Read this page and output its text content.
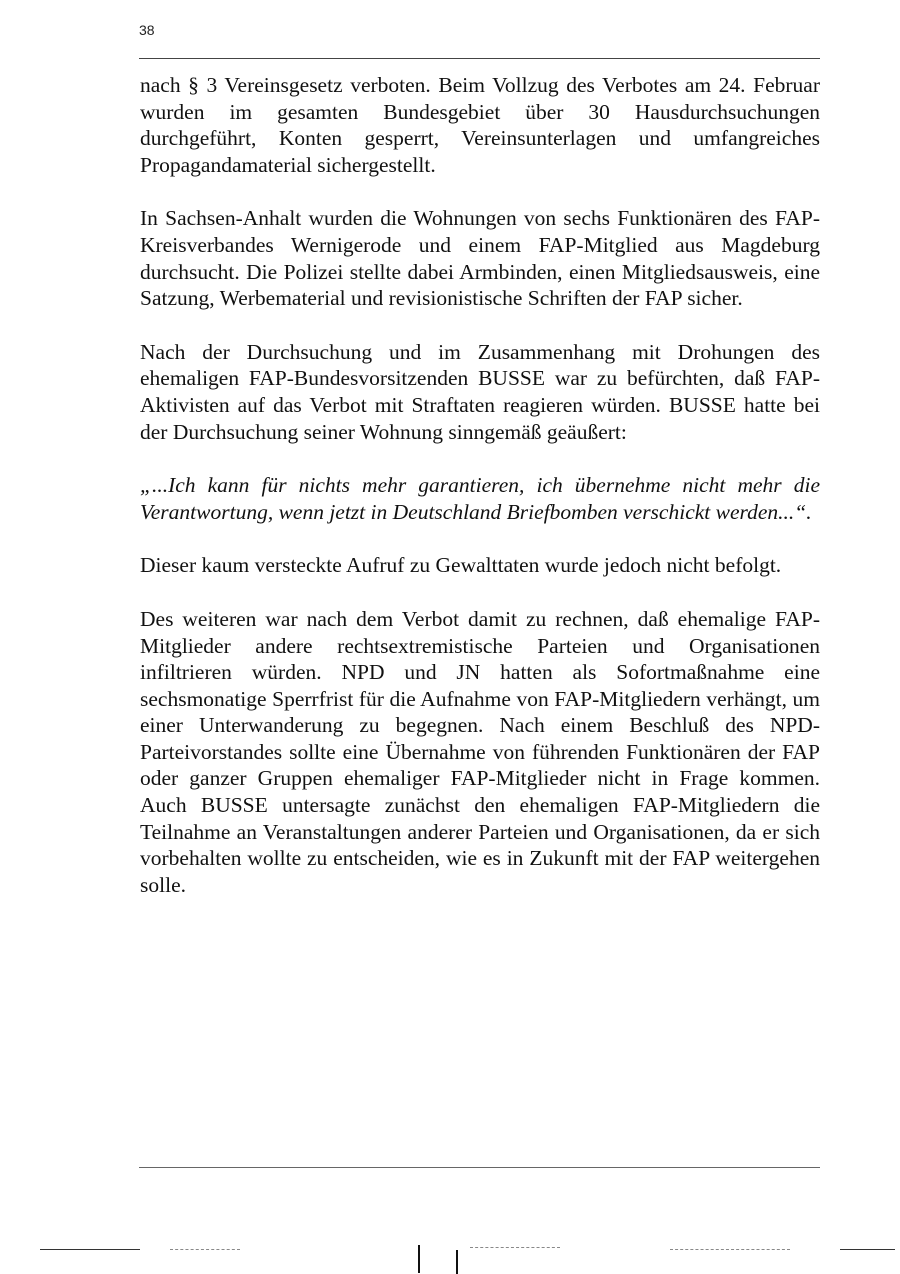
38

nach § 3 Vereinsgesetz verboten. Beim Vollzug des Verbotes am 24. Februar wurden im gesamten Bundesgebiet über 30 Hausdurchsuchungen durchgeführt, Konten gesperrt, Vereinsunterlagen und umfangreiches Propagandamaterial sichergestellt.

In Sachsen-Anhalt wurden die Wohnungen von sechs Funktionären des FAP-Kreisverbandes Wernigerode und einem FAP-Mitglied aus Magdeburg durchsucht. Die Polizei stellte dabei Armbinden, einen Mitgliedsausweis, eine Satzung, Werbematerial und revisionistische Schriften der FAP sicher.

Nach der Durchsuchung und im Zusammenhang mit Drohungen des ehemaligen FAP-Bundesvorsitzenden BUSSE war zu befürchten, daß FAP-Aktivisten auf das Verbot mit Straftaten reagieren würden. BUSSE hatte bei der Durchsuchung seiner Wohnung sinngemäß geäußert:

„...Ich kann für nichts mehr garantieren, ich übernehme nicht mehr die Verantwortung, wenn jetzt in Deutschland Briefbomben verschickt werden...“.

Dieser kaum versteckte Aufruf zu Gewalttaten wurde jedoch nicht befolgt.

Des weiteren war nach dem Verbot damit zu rechnen, daß ehemalige FAP-Mitglieder andere rechtsextremistische Parteien und Organisationen infiltrieren würden. NPD und JN hatten als Sofortmaßnahme eine sechsmonatige Sperrfrist für die Aufnahme von FAP-Mitgliedern verhängt, um einer Unterwanderung zu begegnen. Nach einem Beschluß des NPD-Parteivorstandes sollte eine Übernahme von führenden Funktionären der FAP oder ganzer Gruppen ehemaliger FAP-Mitglieder nicht in Frage kommen. Auch BUSSE untersagte zunächst den ehemaligen FAP-Mitgliedern die Teilnahme an Veranstaltungen anderer Parteien und Organisationen, da er sich vorbehalten wollte zu entscheiden, wie es in Zukunft mit der FAP weitergehen solle.
